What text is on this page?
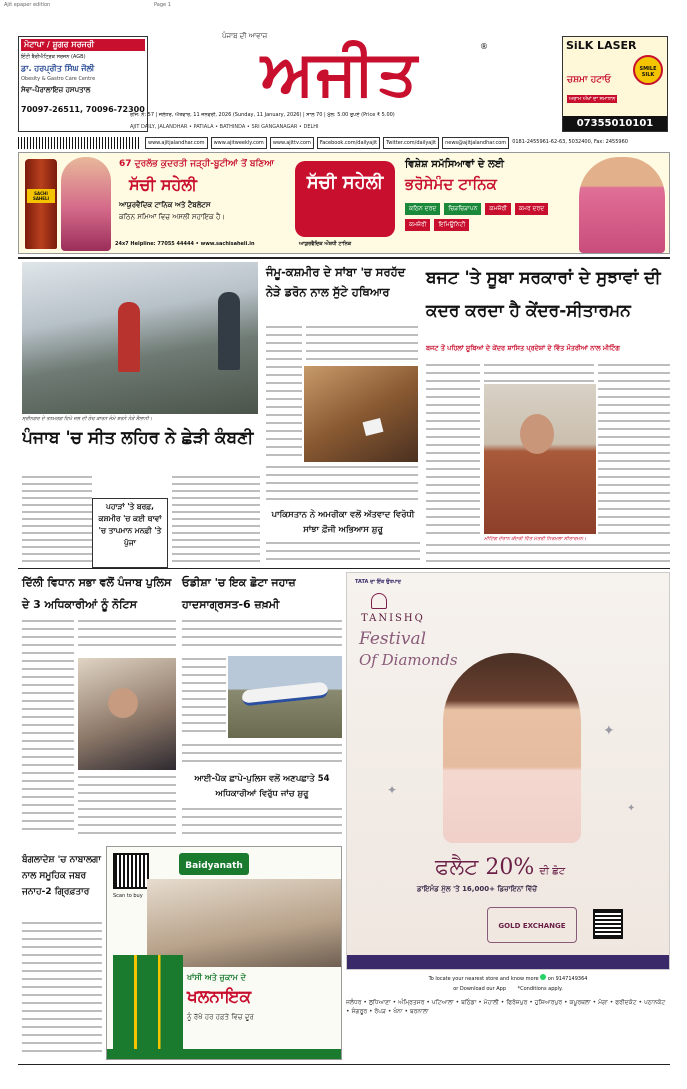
Ajit epaper edition	Page 1
ਮੋਟਾਪਾ / ਸ਼ੂਗਰ ਸਰਜਰੀ
ਇੰਟੀ ਬੈਰੀਐਟ੍ਰਿਕ ਸਰਜਨ (AGB)
ਡਾ. ਹਰਪ੍ਰੀਤ ਸਿੰਘ ਜੌਲੀ
Obesity & Gastro Care Centre
ਸੇਵਾ-ਪੈਰਾਲਾਇਜ਼ ਹਸਪਤਾਲ
70097-26511, 70096-72300
ਪੰਜਾਬ ਦੀ ਆਵਾਜ਼
ਅਜੀਤ	®
ਰਜਿ: ਨੰ: 57 | ਜਲੰਧਰ, ਐਤਵਾਰ, 11 ਜਨਵਰੀ, 2026 (Sunday, 11 January, 2026) | ਸਾਲ 70 | ਮੁੱਲ: 5.00 ਰੁਪਏ (Price ₹ 5.00)
AJIT DAILY, JALANDHAR • PATIALA • BATHINDA • SRI GANGANAGAR • DELHI
SiLK LASER
SMILE SILK
ਚਸ਼ਮਾ ਹਟਾਓ
ਅਰਾਮ ਅੱਖਾਂ ਦਾ ਸਮਾਧਾਨ
07355010101
www.ajitjalandhar.com	www.ajitweekly.com	www.ajittv.com	Facebook.com/dailyajit	Twitter.com/dailyajit	news@ajitjalandhar.com	0181-2455961-62-63, 5032400, Fax: 2455960
SACHI SAHELI
67 ਦੁਰਲੱਭ ਕੁਦਰਤੀ ਜੜ੍ਹੀ-ਬੂਟੀਆਂ ਤੋਂ ਬਣਿਆ
ਸੱਚੀ ਸਹੇਲੀ
ਆਯੁਰਵੈਦਿਕ ਟਾਨਿਕ ਅਤੇ ਟੈਬਲੇਟਸ
ਕਠਿਨ ਸਮਿਆਂ ਵਿਚ ਅਸਲੀ ਸਹਾਇਕ ਹੈ।
24x7 Helpline: 77055 44444 • www.sachisaheli.in
ਸੱਚੀ ਸਹੇਲੀ
ਆਯੁਰਵੈਦਿਕ ਔਸ਼ਧੀ ਟਾਨਿਕ
ਵਿਸ਼ੇਸ਼ ਸਮੱਸਿਆਵਾਂ ਦੇ ਲਈ
ਭਰੋਸੇਮੰਦ ਟਾਨਿਕ
ਕਠਿਨ ਦਰਦ	ਚਿੜਚਿੜਾਪਨ	ਕਮਜ਼ੋਰੀ	ਕਮਰ ਦਰਦ
ਕਮਜ਼ੋਰੀ	ਇਮਿਊਨਿਟੀ
ਸ੍ਰੀਨਗਰ ਦੇ ਤਨਮਰਗ ਵਿਖੇ ਜਲ ਦੀ ਠੰਢ ਕਾਰਨ ਜੰਮੇ ਝਰਨੇ ਨੇੜੇ ਸੈਲਾਨੀ।
ਪੰਜਾਬ 'ਚ ਸੀਤ ਲਹਿਰ ਨੇ ਛੇੜੀ ਕੰਬਣੀ
ਪਹਾੜਾਂ 'ਤੇ ਬਰਫ਼, ਕਸ਼ਮੀਰ 'ਚ ਕਈ ਥਾਵਾਂ 'ਚ ਤਾਪਮਾਨ ਮਨਫ਼ੀ 'ਤੇ ਪੁੱਜਾ
ਜੰਮੂ-ਕਸ਼ਮੀਰ ਦੇ ਸਾਂਬਾ 'ਚ ਸਰਹੱਦ ਨੇੜੇ ਡਰੋਨ ਨਾਲ ਸੁੱਟੇ ਹਥਿਆਰ
ਪਾਕਿਸਤਾਨ ਨੇ ਅਮਰੀਕਾ ਵਲੋਂ ਅੱਤਵਾਦ ਵਿਰੋਧੀ ਸਾਂਝਾ ਫ਼ੌਜੀ ਅਭਿਆਸ ਸ਼ੁਰੂ
ਬਜਟ 'ਤੇ ਸੂਬਾ ਸਰਕਾਰਾਂ ਦੇ ਸੁਝਾਵਾਂ ਦੀ ਕਦਰ ਕਰਦਾ ਹੈ ਕੇਂਦਰ-ਸੀਤਾਰਮਨ
ਬਜਟ ਤੋਂ ਪਹਿਲਾਂ ਸੂਬਿਆਂ ਦੇ ਕੇਂਦਰ ਸ਼ਾਸਿਤ ਪ੍ਰਦੇਸ਼ਾਂ ਦੇ ਵਿੱਤ ਮੰਤਰੀਆਂ ਨਾਲ ਮੀਟਿੰਗ
ਮੀਟਿੰਗ ਦੌਰਾਨ ਕੇਂਦਰੀ ਵਿੱਤ ਮੰਤਰੀ ਨਿਰਮਲਾ ਸੀਤਾਰਮਨ।
ਦਿੱਲੀ ਵਿਧਾਨ ਸਭਾ ਵਲੋਂ ਪੰਜਾਬ ਪੁਲਿਸ ਦੇ 3 ਅਧਿਕਾਰੀਆਂ ਨੂੰ ਨੋਟਿਸ
ਓਡੀਸ਼ਾ 'ਚ ਇਕ ਛੋਟਾ ਜਹਾਜ਼ ਹਾਦਸਾਗ੍ਰਸਤ-6 ਜ਼ਖ਼ਮੀ
ਆਈ-ਪੈਕ ਛਾਪੇ-ਪੁਲਿਸ ਵਲੋਂ ਅਣਪਛਾਤੇ 54 ਅਧਿਕਾਰੀਆਂ ਵਿਰੁੱਧ ਜਾਂਚ ਸ਼ੁਰੂ
TATA ਦਾ ਇੱਕ ਉਤਪਾਦ
TANISHQ
Festival
Of Diamonds
✦
✦
✦
ਫਲੈਟ 20% ਦੀ ਛੋਟ
ਡਾਇਮੰਡ ਮੁੱਲ 'ਤੇ 16,000+ ਡਿਜ਼ਾਇਨਾਂ ਵਿੱਚੋਂ
GOLD EXCHANGE
To locate your nearest store and know more on 9147149364
or Download our App *Conditions apply.
ਜਲੰਧਰ • ਲੁਧਿਆਣਾ • ਅੰਮ੍ਰਿਤਸਰ • ਪਟਿਆਲਾ • ਬਠਿੰਡਾ • ਮੋਹਾਲੀ • ਫਿਰੋਜ਼ਪੁਰ • ਹੁਸ਼ਿਆਰਪੁਰ • ਕਪੂਰਥਲਾ • ਮੋਗਾ • ਫਰੀਦਕੋਟ • ਪਠਾਨਕੋਟ • ਸੰਗਰੂਰ • ਰੋਪੜ • ਖੰਨਾ • ਬਰਨਾਲਾ
ਬੰਗਲਾਦੇਸ਼ 'ਚ ਨਾਬਾਲਗਾ ਨਾਲ ਸਮੂਹਿਕ ਜਬਰ ਜਨਾਹ-2 ਗ੍ਰਿਫ਼ਤਾਰ	Scan to buy
Baidyanath
ਖਾਂਸੀ ਅਤੇ ਜ਼ੁਕਾਮ ਦੇ
ਖਲਨਾਇਕ
ਨੂੰ ਰੱਖੋ ਹਰ ਹਫ਼ਤੇ ਵਿਚ ਦੂਰ
